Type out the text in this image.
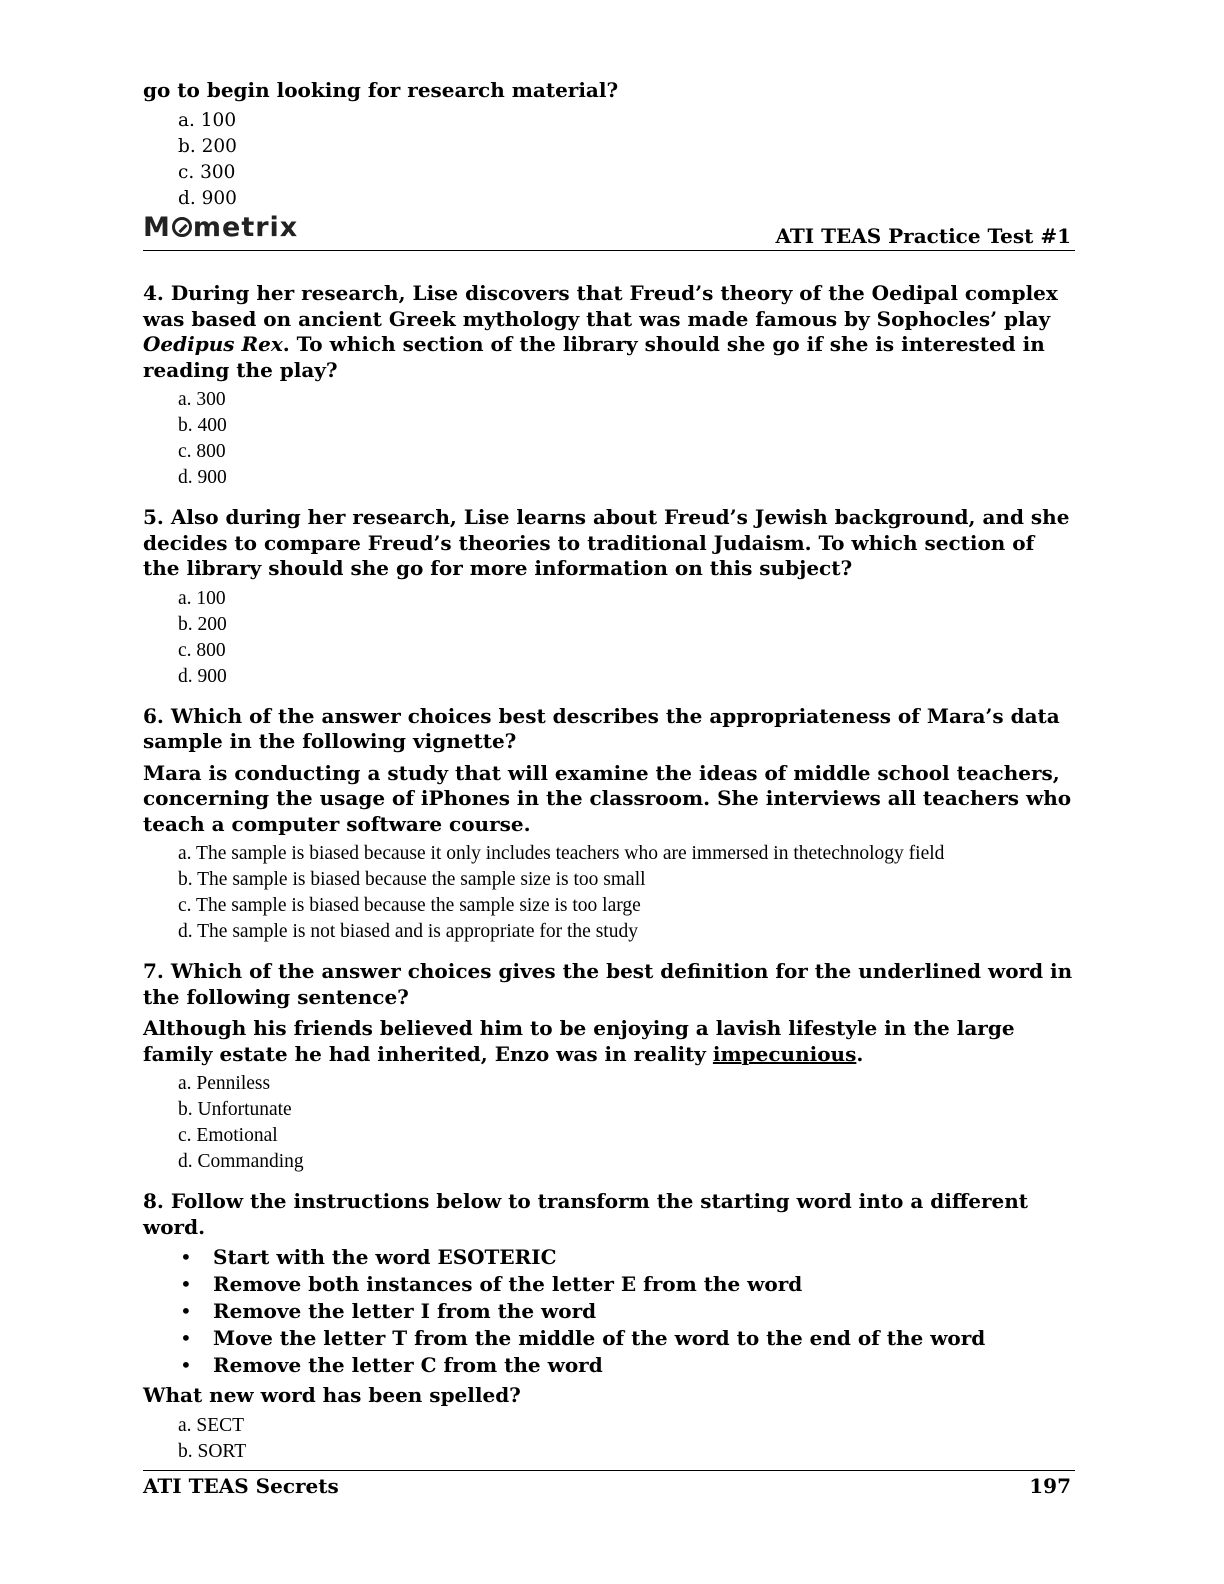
go to begin looking for research material?

a. 100
b. 200
c. 300
d. 900
M metrix	ATI TEAS Practice Test #1

4. During her research, Lise discovers that Freud’s theory of the Oedipal complex was based on ancient Greek mythology that was made famous by Sophocles’ play Oedipus Rex. To which section of the library should she go if she is interested in reading the play?

a. 300
b. 400
c. 800
d. 900

5. Also during her research, Lise learns about Freud’s Jewish background, and she decides to compare Freud’s theories to traditional Judaism. To which section of the library should she go for more information on this subject?

a. 100
b. 200
c. 800
d. 900

6. Which of the answer choices best describes the appropriateness of Mara’s data sample in the following vignette?

Mara is conducting a study that will examine the ideas of middle school teachers, concerning the usage of iPhones in the classroom. She interviews all teachers who teach a computer software course.

a. The sample is biased because it only includes teachers who are immersed in thetechnology field
b. The sample is biased because the sample size is too small
c. The sample is biased because the sample size is too large
d. The sample is not biased and is appropriate for the study

7. Which of the answer choices gives the best definition for the underlined word in the following sentence?

Although his friends believed him to be enjoying a lavish lifestyle in the large family estate he had inherited, Enzo was in reality impecunious.

a. Penniless
b. Unfortunate
c. Emotional
d. Commanding

8. Follow the instructions below to transform the starting word into a different word.

• Start with the word ESOTERIC
• Remove both instances of the letter E from the word
• Remove the letter I from the word
• Move the letter T from the middle of the word to the end of the word
• Remove the letter C from the word

What new word has been spelled?

a. SECT
b. SORT
ATI TEAS Secrets	197
